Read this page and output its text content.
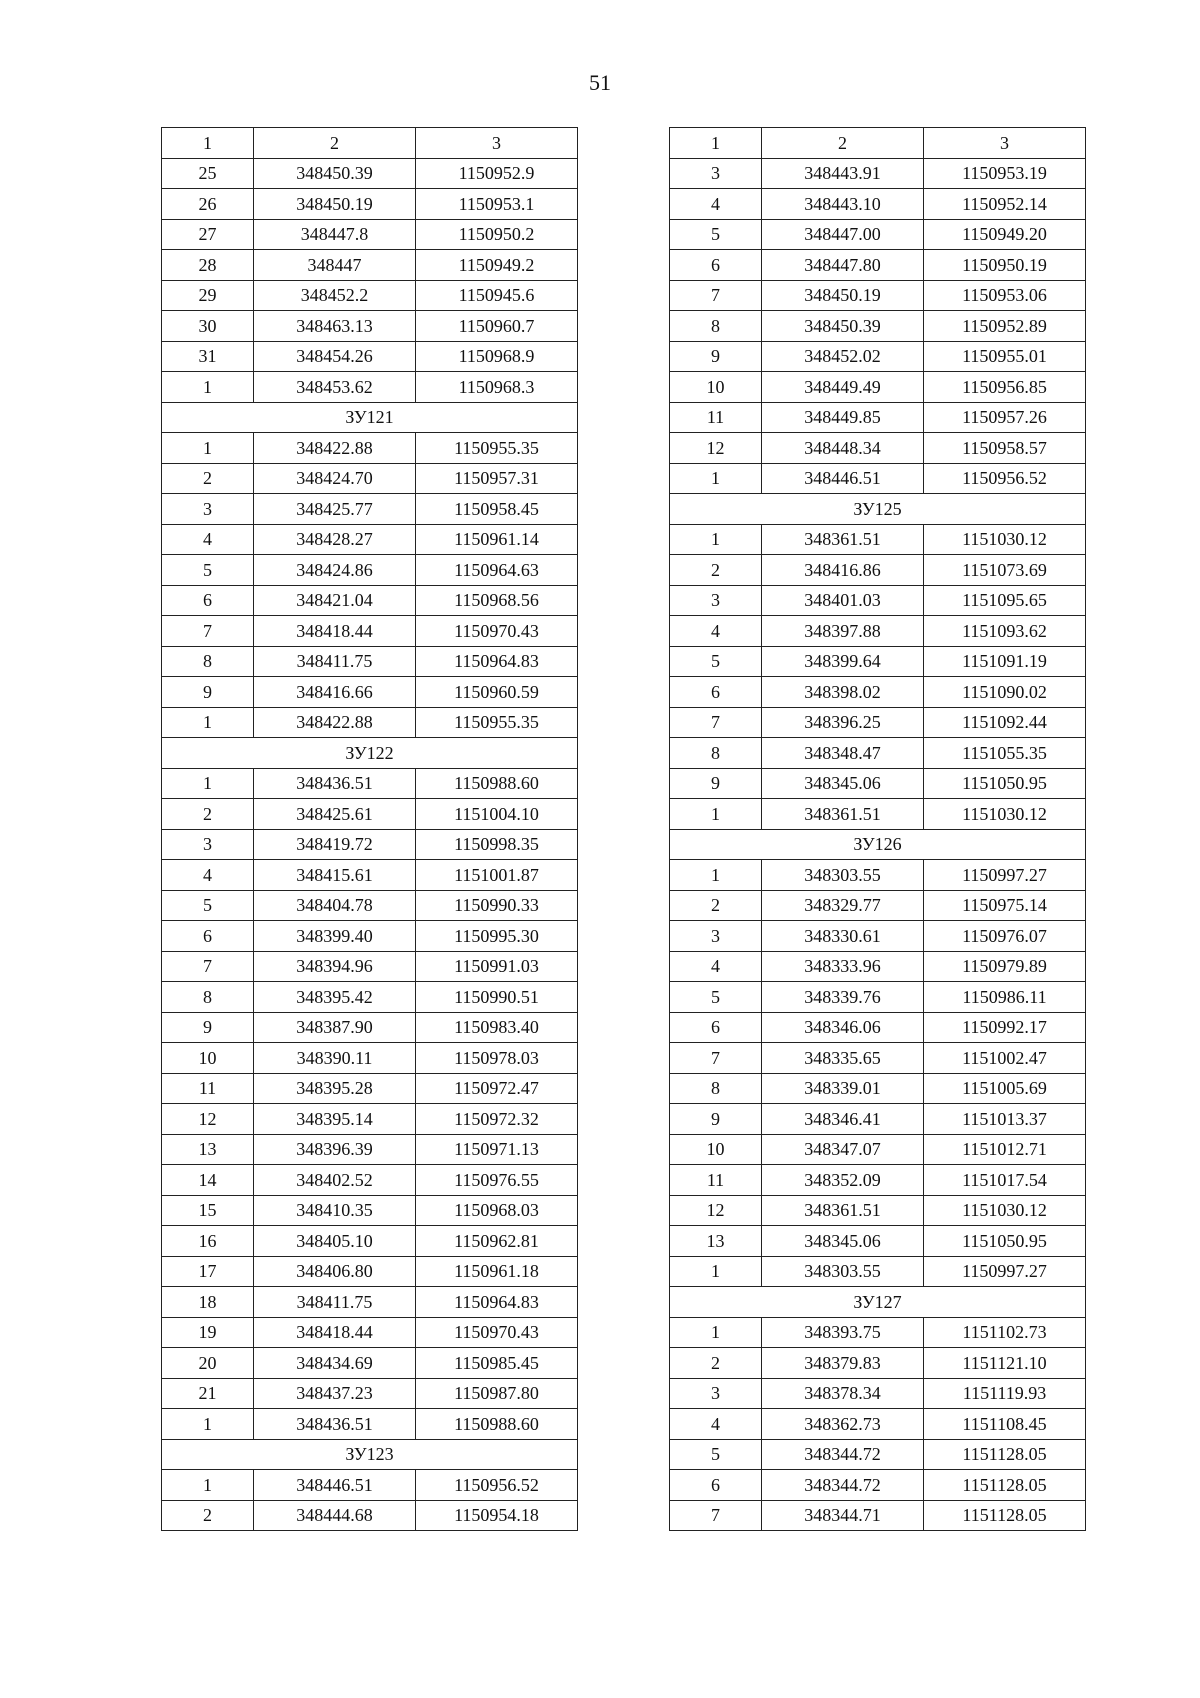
51
1	2	3
25	348450.39	1150952.9
26	348450.19	1150953.1
27	348447.8	1150950.2
28	348447	1150949.2
29	348452.2	1150945.6
30	348463.13	1150960.7
31	348454.26	1150968.9
1	348453.62	1150968.3
ЗУ121		
1	348422.88	1150955.35
2	348424.70	1150957.31
3	348425.77	1150958.45
4	348428.27	1150961.14
5	348424.86	1150964.63
6	348421.04	1150968.56
7	348418.44	1150970.43
8	348411.75	1150964.83
9	348416.66	1150960.59
1	348422.88	1150955.35
ЗУ122		
1	348436.51	1150988.60
2	348425.61	1151004.10
3	348419.72	1150998.35
4	348415.61	1151001.87
5	348404.78	1150990.33
6	348399.40	1150995.30
7	348394.96	1150991.03
8	348395.42	1150990.51
9	348387.90	1150983.40
10	348390.11	1150978.03
11	348395.28	1150972.47
12	348395.14	1150972.32
13	348396.39	1150971.13
14	348402.52	1150976.55
15	348410.35	1150968.03
16	348405.10	1150962.81
17	348406.80	1150961.18
18	348411.75	1150964.83
19	348418.44	1150970.43
20	348434.69	1150985.45
21	348437.23	1150987.80
1	348436.51	1150988.60
ЗУ123		
1	348446.51	1150956.52
2	348444.68	1150954.18
1	2	3
3	348443.91	1150953.19
4	348443.10	1150952.14
5	348447.00	1150949.20
6	348447.80	1150950.19
7	348450.19	1150953.06
8	348450.39	1150952.89
9	348452.02	1150955.01
10	348449.49	1150956.85
11	348449.85	1150957.26
12	348448.34	1150958.57
1	348446.51	1150956.52
ЗУ125		
1	348361.51	1151030.12
2	348416.86	1151073.69
3	348401.03	1151095.65
4	348397.88	1151093.62
5	348399.64	1151091.19
6	348398.02	1151090.02
7	348396.25	1151092.44
8	348348.47	1151055.35
9	348345.06	1151050.95
1	348361.51	1151030.12
ЗУ126		
1	348303.55	1150997.27
2	348329.77	1150975.14
3	348330.61	1150976.07
4	348333.96	1150979.89
5	348339.76	1150986.11
6	348346.06	1150992.17
7	348335.65	1151002.47
8	348339.01	1151005.69
9	348346.41	1151013.37
10	348347.07	1151012.71
11	348352.09	1151017.54
12	348361.51	1151030.12
13	348345.06	1151050.95
1	348303.55	1150997.27
ЗУ127		
1	348393.75	1151102.73
2	348379.83	1151121.10
3	348378.34	1151119.93
4	348362.73	1151108.45
5	348344.72	1151128.05
6	348344.72	1151128.05
7	348344.71	1151128.05
